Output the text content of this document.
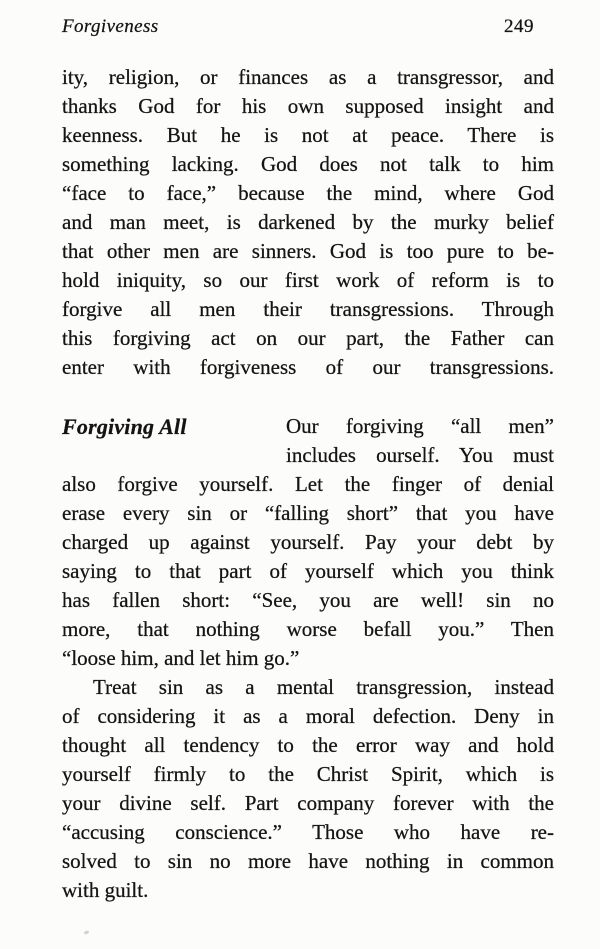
Forgiveness	249
ity, religion, or finances as a transgressor, and
thanks God for his own supposed insight and
keenness. But he is not at peace. There is
something lacking. God does not talk to him
“face to face,” because the mind, where God
and man meet, is darkened by the murky belief
that other men are sinners. God is too pure to be-
hold iniquity, so our first work of reform is to
forgive all men their transgressions. Through
this forgiving act on our part, the Father can
enter with forgiveness of our transgressions.
Forgiving All	Our forgiving “all men”
includes ourself. You must
also forgive yourself. Let the finger of denial
erase every sin or “falling short” that you have
charged up against yourself. Pay your debt by
saying to that part of yourself which you think
has fallen short: “See, you are well! sin no
more, that nothing worse befall you.” Then
“loose him, and let him go.”
Treat sin as a mental transgression, instead
of considering it as a moral defection. Deny in
thought all tendency to the error way and hold
yourself firmly to the Christ Spirit, which is
your divine self. Part company forever with the
“accusing conscience.” Those who have re-
solved to sin no more have nothing in common
with guilt.
